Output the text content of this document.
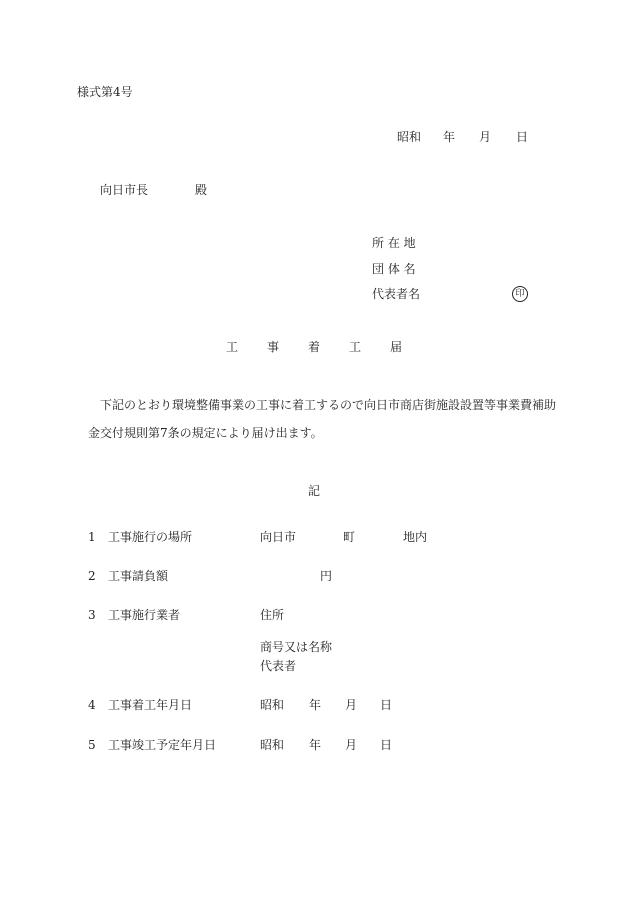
様式第4号
昭和 年 月 日
向日市長	殿
所 在 地
団 体 名
代表者名	印
工 事 着 工 届
下記のとおり環境整備事業の工事に着工するので向日市商店街施設設置等事業費補助
金交付規則第7条の規定により届け出ます。
記
1 工事施行の場所	向日市	町	地内
2 工事請負額	円
3 工事施行業者	住所
商号又は名称
代表者
4 工事着工年月日	昭和 年 月 日
5 工事竣工予定年月日	昭和 年 月 日
